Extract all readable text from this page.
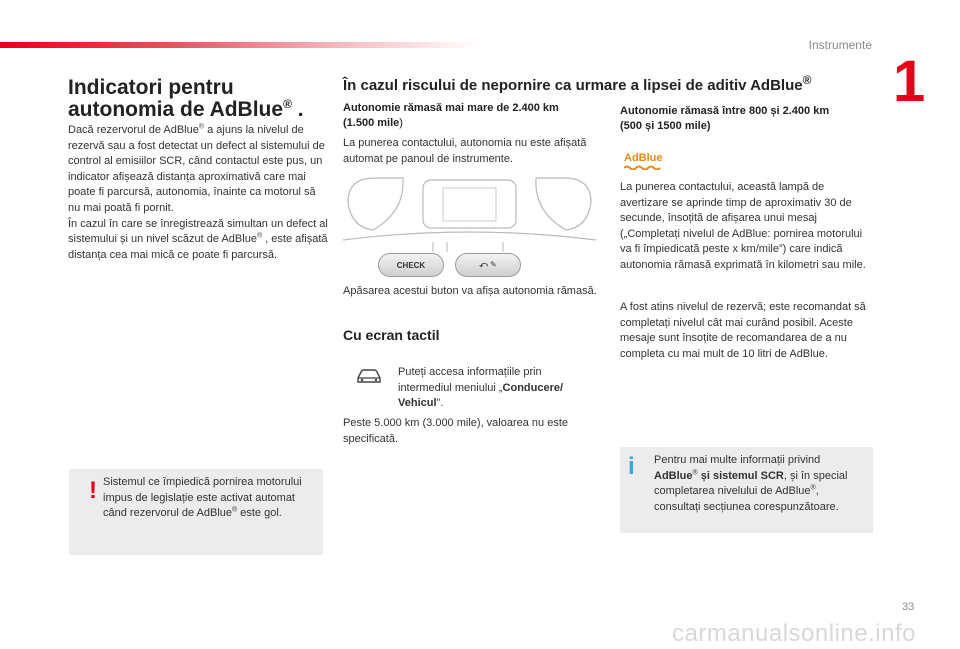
Instrumente
1
Indicatori pentru autonomia de AdBlue® .

Dacă rezervorul de AdBlue® a ajuns la nivelul de rezervă sau a fost detectat un defect al sistemului de control al emisiilor SCR, când contactul este pus, un indicator afișează distanța aproximativă care mai poate fi parcursă, autonomia, înainte ca motorul să nu mai poată fi pornit.

În cazul în care se înregistrează simultan un defect al sistemului și un nivel scăzut de AdBlue® , este afișată distanța cea mai mică ce poate fi parcursă.

! Sistemul ce împiedică pornirea motorului impus de legislație este activat automat când rezervorul de AdBlue® este gol.

În cazul riscului de nepornire ca urmare a lipsei de aditiv AdBlue®

Autonomie rămasă mai mare de 2.400 km
(1.500 mile)

La punerea contactului, autonomia nu este afișată automat pe panoul de instrumente.

CHECK	⤺ ✎

Apăsarea acestui buton va afișa autonomia rămasă.

Cu ecran tactil

Puteți accesa informațiile prin intermediul meniului „Conducere/ Vehicul”.

Peste 5.000 km (3.000 mile), valoarea nu este specificată.

Autonomie rămasă între 800 și 2.400 km
(500 și 1500 mile)

AdBlue

La punerea contactului, această lampă de avertizare se aprinde timp de aproximativ 30 de secunde, însoțită de afișarea unui mesaj („Completați nivelul de AdBlue: pornirea motorului va fi împiedicată peste x km/mile”) care indică autonomia rămasă exprimată în kilometri sau mile.

A fost atins nivelul de rezervă; este recomandat să completați nivelul cât mai curând posibil. Aceste mesaje sunt însoțite de recomandarea de a nu completa cu mai mult de 10 litri de AdBlue.

i Pentru mai multe informații privind AdBlue® și sistemul SCR, și în special completarea nivelului de AdBlue®, consultați secțiunea corespunzătoare.

33
carmanualsonline.info
